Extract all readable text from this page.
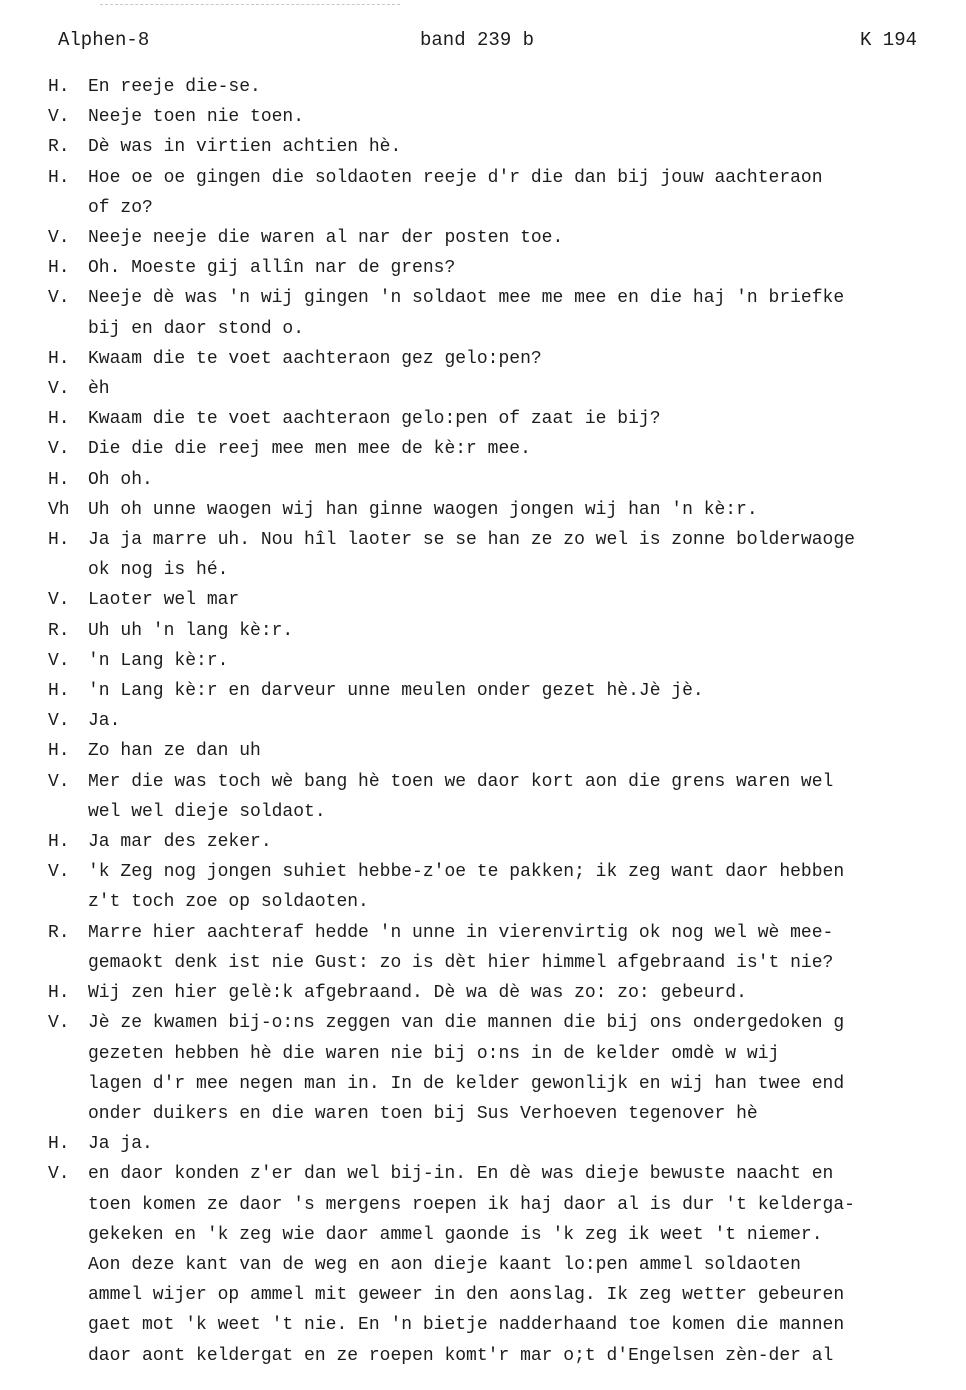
Alphen-8	band 239 b	K 194
H.	En reeje die-se.
V.	Neeje toen nie toen.
R.	Dè was in virtien achtien hè.
H.	Hoe oe oe gingen die soldaoten reeje d'r die dan bij jouw aachteraon
of zo?
V.	Neeje neeje die waren al nar der posten toe.
H.	Oh. Moeste gij allîn nar de grens?
V.	Neeje dè was 'n wij gingen 'n soldaot mee me mee en die haj 'n briefke
bij en daor stond o.
H.	Kwaam die te voet aachteraon gez gelo:pen?
V.	èh
H.	Kwaam die te voet aachteraon gelo:pen of zaat ie bij?
V.	Die die die reej mee men mee de kè:r mee.
H.	Oh oh.
Vh	Uh oh unne waogen wij han ginne waogen jongen wij han 'n kè:r.
H.	Ja ja marre uh. Nou hîl laoter se se han ze zo wel is zonne bolderwaoge
ok nog is hé.
V.	Laoter wel mar
R.	Uh uh 'n lang kè:r.
V.	'n Lang kè:r.
H.	'n Lang kè:r en darveur unne meulen onder gezet hè.Jè jè.
V.	Ja.
H.	Zo han ze dan uh
V.	Mer die was toch wè bang hè toen we daor kort aon die grens waren wel
wel wel dieje soldaot.
H.	Ja mar des zeker.
V.	'k Zeg nog jongen suhiet hebbe-z'oe te pakken; ik zeg want daor hebben
z't toch zoe op soldaoten.
R.	Marre hier aachteraf hedde 'n unne in vierenvirtig ok nog wel wè mee-
gemaokt denk ist nie Gust: zo is dèt hier himmel afgebraand is't nie?
H.	Wij zen hier gelè:k afgebraand. Dè wa dè was zo: zo: gebeurd.
V.	Jè ze kwamen bij-o:ns zeggen van die mannen die bij ons ondergedoken g
gezeten hebben hè die waren nie bij o:ns in de kelder omdè w wij
lagen d'r mee negen man in. In de kelder gewonlijk en wij han twee end
onder duikers en die waren toen bij Sus Verhoeven tegenover hè
H.	Ja ja.
V.	en daor konden z'er dan wel bij-in. En dè was dieje bewuste naacht en
toen komen ze daor 's mergens roepen ik haj daor al is dur 't kelderga-
gekeken en 'k zeg wie daor ammel gaonde is 'k zeg ik weet 't niemer.
Aon deze kant van de weg en aon dieje kaant lo:pen ammel soldaoten
ammel wijer op ammel mit geweer in den aonslag. Ik zeg wetter gebeuren
gaet mot 'k weet 't nie. En 'n bietje nadderhaand toe komen die mannen
daor aont keldergat en ze roepen komt'r mar o;t d'Engelsen zèn-der al
